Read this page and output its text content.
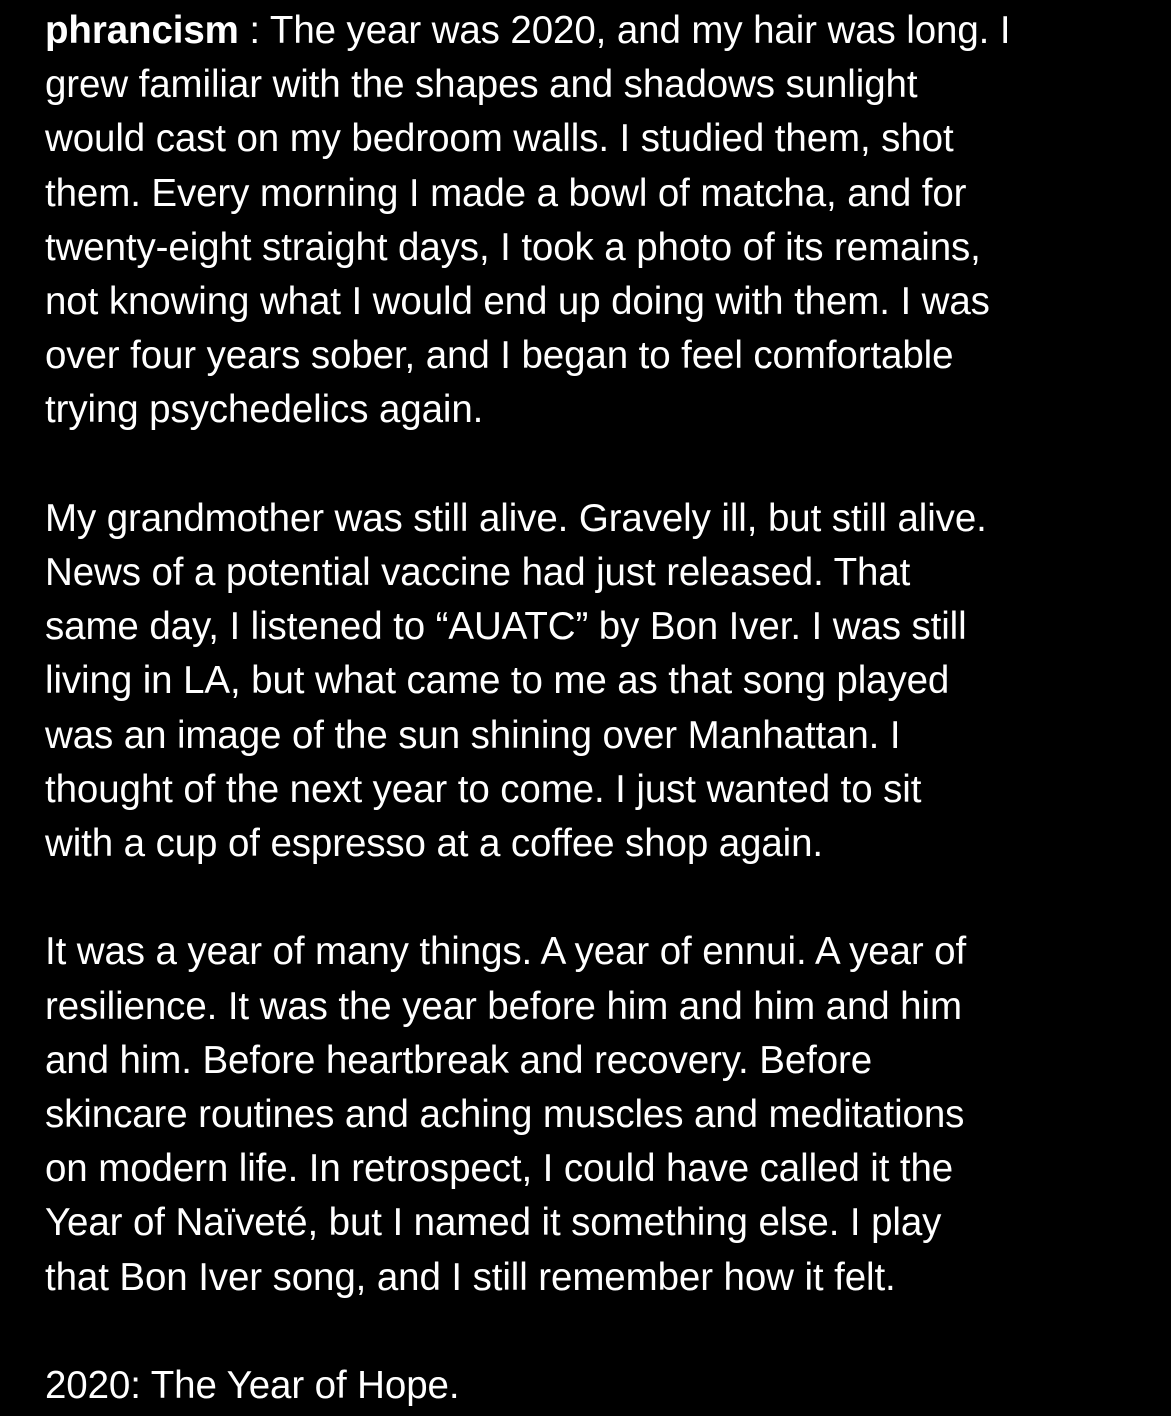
phrancism : The year was 2020, and my hair was long. I
grew familiar with the shapes and shadows sunlight
would cast on my bedroom walls. I studied them, shot
them. Every morning I made a bowl of matcha, and for
twenty-eight straight days, I took a photo of its remains,
not knowing what I would end up doing with them. I was
over four years sober, and I began to feel comfortable
trying psychedelics again.

My grandmother was still alive. Gravely ill, but still alive.
News of a potential vaccine had just released. That
same day, I listened to “AUATC” by Bon Iver. I was still
living in LA, but what came to me as that song played
was an image of the sun shining over Manhattan. I
thought of the next year to come. I just wanted to sit
with a cup of espresso at a coffee shop again.

It was a year of many things. A year of ennui. A year of
resilience. It was the year before him and him and him
and him. Before heartbreak and recovery. Before
skincare routines and aching muscles and meditations
on modern life. In retrospect, I could have called it the
Year of Naïveté, but I named it something else. I play
that Bon Iver song, and I still remember how it felt.

2020: The Year of Hope.
